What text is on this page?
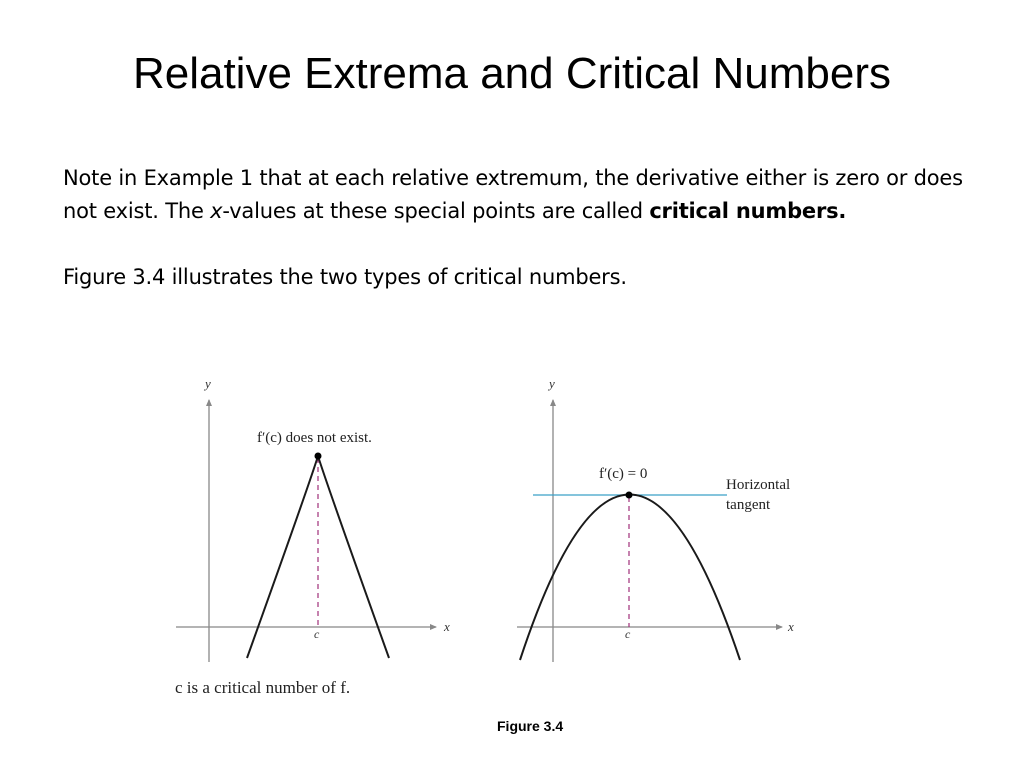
Relative Extrema and Critical Numbers

Note in Example 1 that at each relative extremum, the derivative either is zero or does not exist. The x-values at these special points are called critical numbers.

Figure 3.4 illustrates the two types of critical numbers.

y
x
c
f′(c) does not exist.
c is a critical number of f.
y
x
c
f′(c) = 0
Horizontal
tangent
Figure 3.4
